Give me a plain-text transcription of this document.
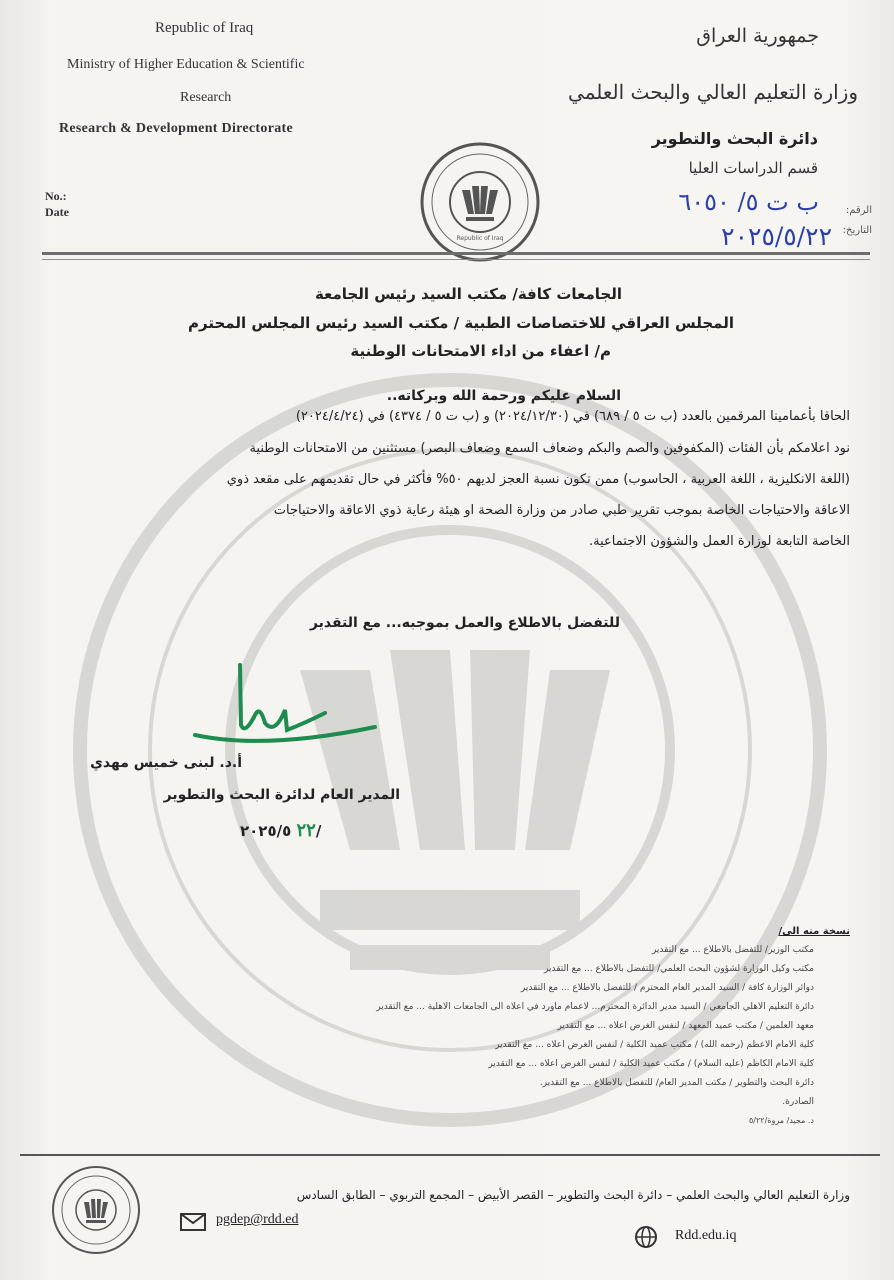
Republic of Iraq
Ministry of Higher Education & Scientific
Research
Research & Development Directorate
No.:
Date
Republic of Iraq
جمهورية العراق
وزارة التعليم العالي والبحث العلمي
دائرة البحث والتطوير
قسم الدراسات العليا
الرقم:
ب ت ٥/ ٦٠٥٠
التاريخ:
٢٠٢٥/٥/٢٢
الجامعات كافة/ مكتب السيد رئيس الجامعة
المجلس العراقي للاختصاصات الطبية / مكتب السيد رئيس المجلس المحترم
م/ اعفاء من اداء الامتحانات الوطنية
السلام عليكم ورحمة الله وبركاته..
الحاقا بأعمامينا المرقمين بالعدد (ب ت ٥ / ٦٨٩) في (٢٠٢٤/١٢/٣٠) و (ب ت ٥ / ٤٣٧٤) في (٢٠٢٤/٤/٢٤)
نود اعلامكم بأن الفئات (المكفوفين والصم والبكم وضعاف السمع وضعاف البصر) مستثنين من الامتحانات الوطنية
(اللغة الانكليزية ، اللغة العربية ، الحاسوب) ممن تكون نسبة العجز لديهم ٥٠% فأكثر في حال تقديمهم على مقعد ذوي
الاعاقة والاحتياجات الخاصة بموجب تقرير طبي صادر من وزارة الصحة او هيئة رعاية ذوي الاعاقة والاحتياجات
الخاصة التابعة لوزارة العمل والشؤون الاجتماعية.
للتفضل بالاطلاع والعمل بموجبه... مع التقدير
أ.د. لبنى خميس مهدي
المدير العام لدائرة البحث والتطوير
٢٢ ٢٠٢٥/٥/
نسخة منه الى/
مكتب الوزير/ للتفضل بالاطلاع ... مع التقدير
مكتب وكيل الوزارة لشؤون البحث العلمي/ للتفضل بالاطلاع ... مع التقدير
دوائر الوزارة كافة / السيد المدير العام المحترم / للتفضل بالاطلاع ... مع التقدير
دائرة التعليم الاهلي الجامعي / السيد مدير الدائرة المحترم... لاعمام ماورد في اعلاه الى الجامعات الاهلية ... مع التقدير
معهد العلمين / مكتب عميد المعهد / لنفس الغرض اعلاه ... مع التقدير
كلية الامام الاعظم (رحمه الله) / مكتب عميد الكلية / لنفس الغرض اعلاه ... مع التقدير
كلية الامام الكاظم (عليه السلام) / مكتب عميد الكلية / لنفس الغرض اعلاه ... مع التقدير
دائرة البحث والتطوير / مكتب المدير العام/ للتفضل بالاطلاع ... مع التقدير.
الصادرة.
د. مجيد/ مروة/٥/٢٢
وزارة التعليم العالي والبحث العلمي – دائرة البحث والتطوير – القصر الأبيض – المجمع التربوي – الطابق السادس
pgdep@rdd.ed
Rdd.edu.iq
